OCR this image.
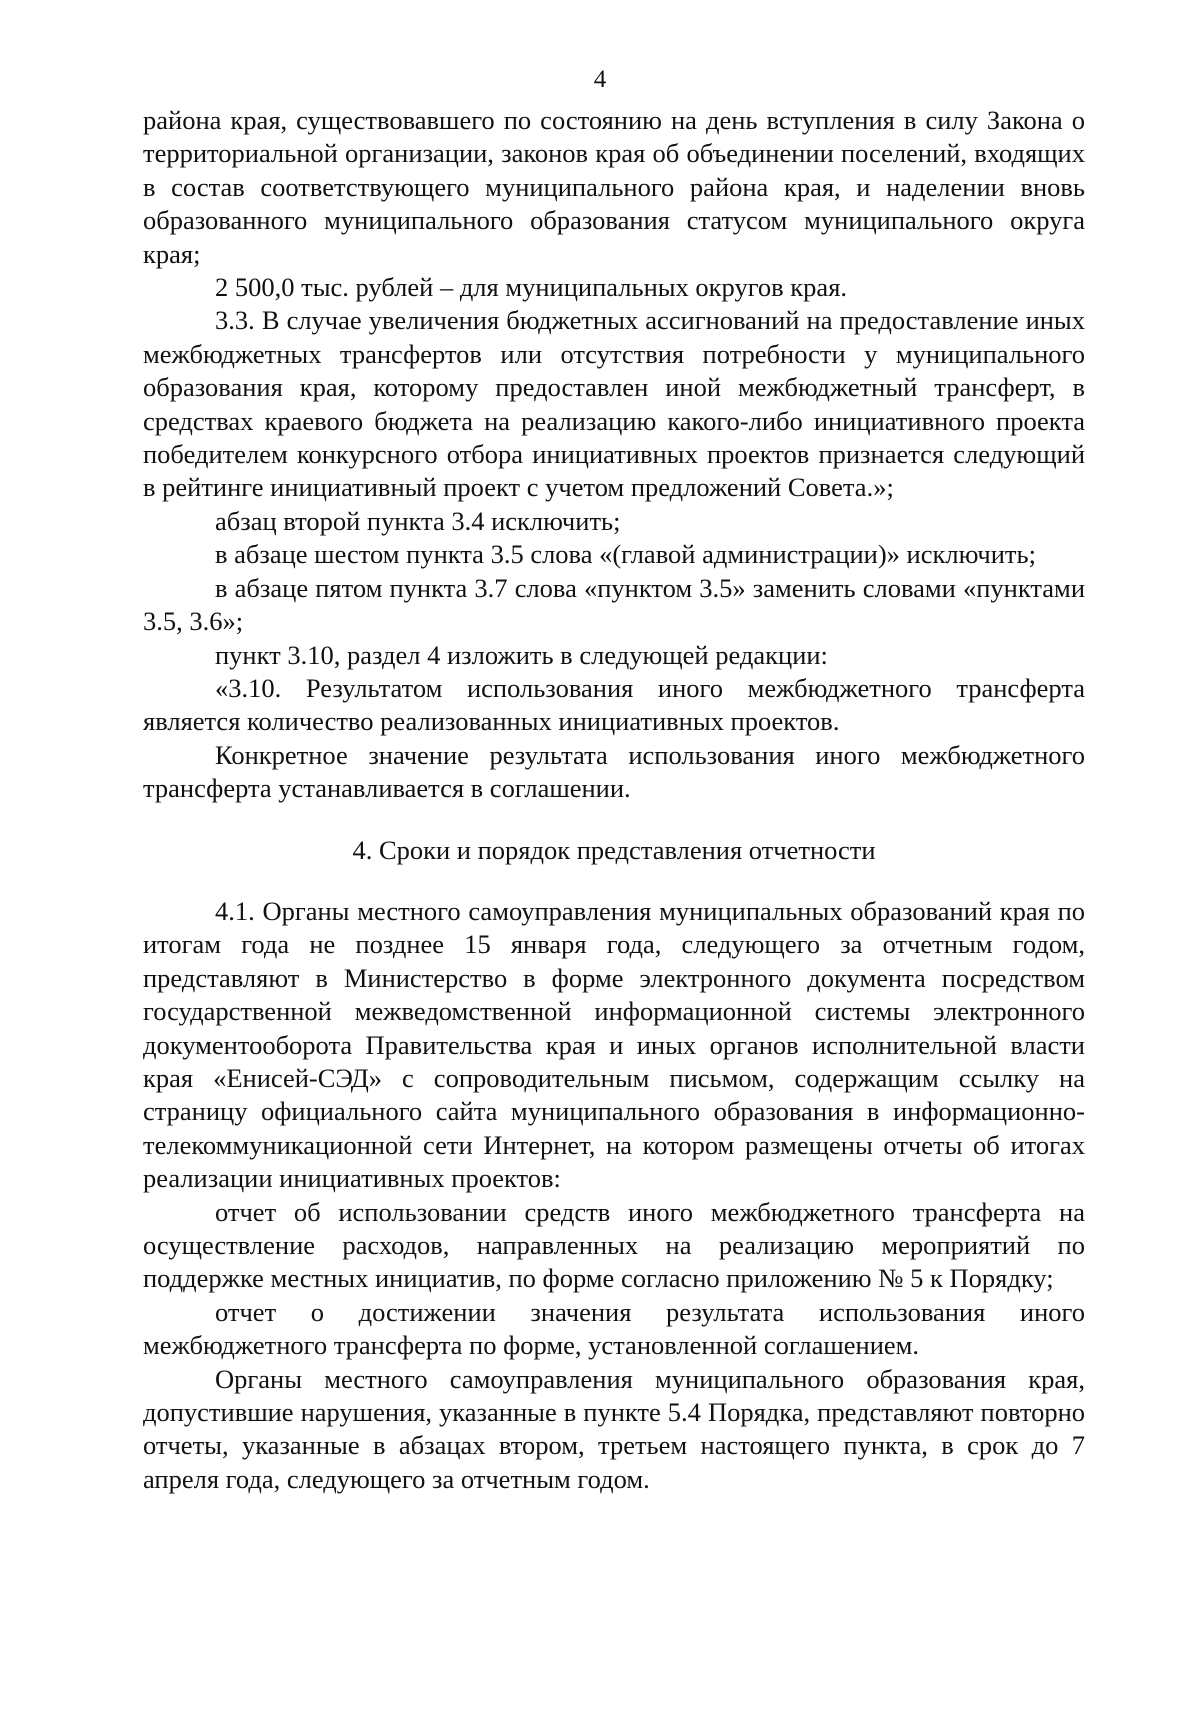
4

района края, существовавшего по состоянию на день вступления в силу Закона о территориальной организации, законов края об объединении поселений, входящих в состав соответствующего муниципального района края, и наделении вновь образованного муниципального образования статусом муниципального округа края;

2 500,0 тыс. рублей – для муниципальных округов края.

3.3. В случае увеличения бюджетных ассигнований на предоставление иных межбюджетных трансфертов или отсутствия потребности у муниципального образования края, которому предоставлен иной межбюджетный трансферт, в средствах краевого бюджета на реализацию какого-либо инициативного проекта победителем конкурсного отбора инициативных проектов признается следующий в рейтинге инициативный проект с учетом предложений Совета.»;

абзац второй пункта 3.4 исключить;

в абзаце шестом пункта 3.5 слова «(главой администрации)» исключить;

в абзаце пятом пункта 3.7 слова «пунктом 3.5» заменить словами «пунктами 3.5, 3.6»;

пункт 3.10, раздел 4 изложить в следующей редакции:

«3.10. Результатом использования иного межбюджетного трансферта является количество реализованных инициативных проектов.

Конкретное значение результата использования иного межбюджетного трансферта устанавливается в соглашении.

4. Сроки и порядок представления отчетности

4.1. Органы местного самоуправления муниципальных образований края по итогам года не позднее 15 января года, следующего за отчетным годом, представляют в Министерство в форме электронного документа посредством государственной межведомственной информационной системы электронного документооборота Правительства края и иных органов исполнительной власти края «Енисей-СЭД» с сопроводительным письмом, содержащим ссылку на страницу официального сайта муниципального образования в информационно-телекоммуникационной сети Интернет, на котором размещены отчеты об итогах реализации инициативных проектов:

отчет об использовании средств иного межбюджетного трансферта на осуществление расходов, направленных на реализацию мероприятий по поддержке местных инициатив, по форме согласно приложению № 5 к Порядку;

отчет о достижении значения результата использования иного межбюджетного трансферта по форме, установленной соглашением.

Органы местного самоуправления муниципального образования края, допустившие нарушения, указанные в пункте 5.4 Порядка, представляют повторно отчеты, указанные в абзацах втором, третьем настоящего пункта, в срок до 7 апреля года, следующего за отчетным годом.
